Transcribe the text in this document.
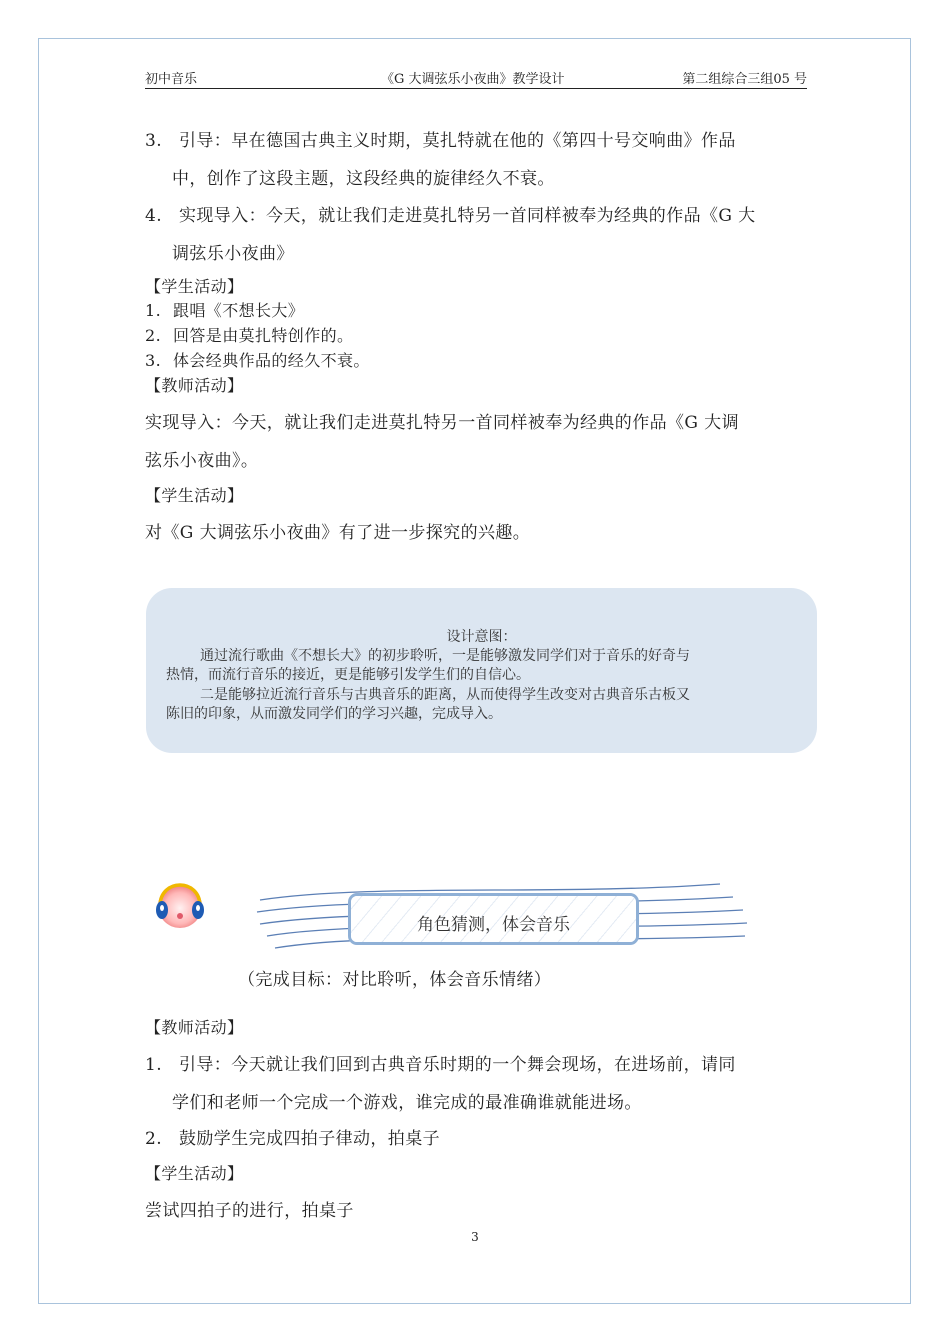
初中音乐	《G 大调弦乐小夜曲》教学设计	第二组综合三组05 号
3. 引导：早在德国古典主义时期，莫扎特就在他的《第四十号交响曲》作品
中，创作了这段主题，这段经典的旋律经久不衰。
4. 实现导入：今天，就让我们走进莫扎特另一首同样被奉为经典的作品《G 大
调弦乐小夜曲》
【学生活动】
1. 跟唱《不想长大》
2. 回答是由莫扎特创作的。
3. 体会经典作品的经久不衰。
【教师活动】
实现导入：今天，就让我们走进莫扎特另一首同样被奉为经典的作品《G 大调
弦乐小夜曲》。
【学生活动】
对《G 大调弦乐小夜曲》有了进一步探究的兴趣。
设计意图：
通过流行歌曲《不想长大》的初步聆听，一是能够激发同学们对于音乐的好奇与
热情，而流行音乐的接近，更是能够引发学生们的自信心。
二是能够拉近流行音乐与古典音乐的距离，从而使得学生改变对古典音乐古板又
陈旧的印象，从而激发同学们的学习兴趣，完成导入。
角色猜测，体会音乐
（完成目标：对比聆听，体会音乐情绪）
【教师活动】
1. 引导：今天就让我们回到古典音乐时期的一个舞会现场，在进场前，请同
学们和老师一个完成一个游戏，谁完成的最准确谁就能进场。
2. 鼓励学生完成四拍子律动，拍桌子
【学生活动】
尝试四拍子的进行，拍桌子
3
